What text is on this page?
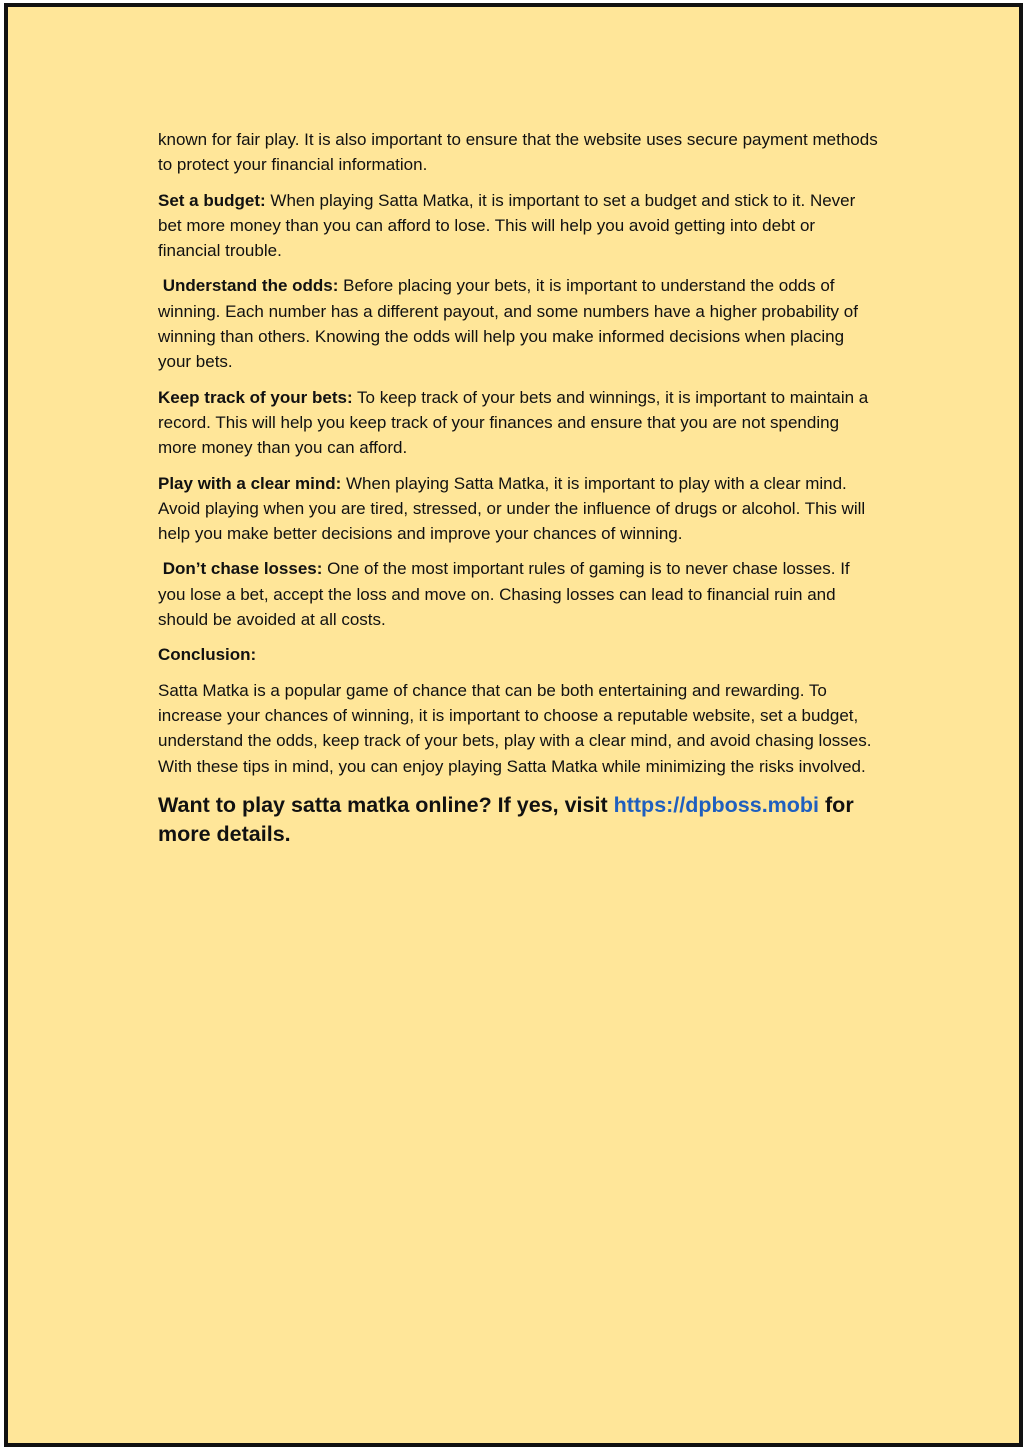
known for fair play. It is also important to ensure that the website uses secure payment methods to protect your financial information.

Set a budget: When playing Satta Matka, it is important to set a budget and stick to it. Never bet more money than you can afford to lose. This will help you avoid getting into debt or financial trouble.

Understand the odds: Before placing your bets, it is important to understand the odds of winning. Each number has a different payout, and some numbers have a higher probability of winning than others. Knowing the odds will help you make informed decisions when placing your bets.

Keep track of your bets: To keep track of your bets and winnings, it is important to maintain a record. This will help you keep track of your finances and ensure that you are not spending more money than you can afford.

Play with a clear mind: When playing Satta Matka, it is important to play with a clear mind. Avoid playing when you are tired, stressed, or under the influence of drugs or alcohol. This will help you make better decisions and improve your chances of winning.

Don’t chase losses: One of the most important rules of gaming is to never chase losses. If you lose a bet, accept the loss and move on. Chasing losses can lead to financial ruin and should be avoided at all costs.

Conclusion:

Satta Matka is a popular game of chance that can be both entertaining and rewarding. To increase your chances of winning, it is important to choose a reputable website, set a budget, understand the odds, keep track of your bets, play with a clear mind, and avoid chasing losses. With these tips in mind, you can enjoy playing Satta Matka while minimizing the risks involved.

Want to play satta matka online? If yes, visit https://dpboss.mobi for more details.
